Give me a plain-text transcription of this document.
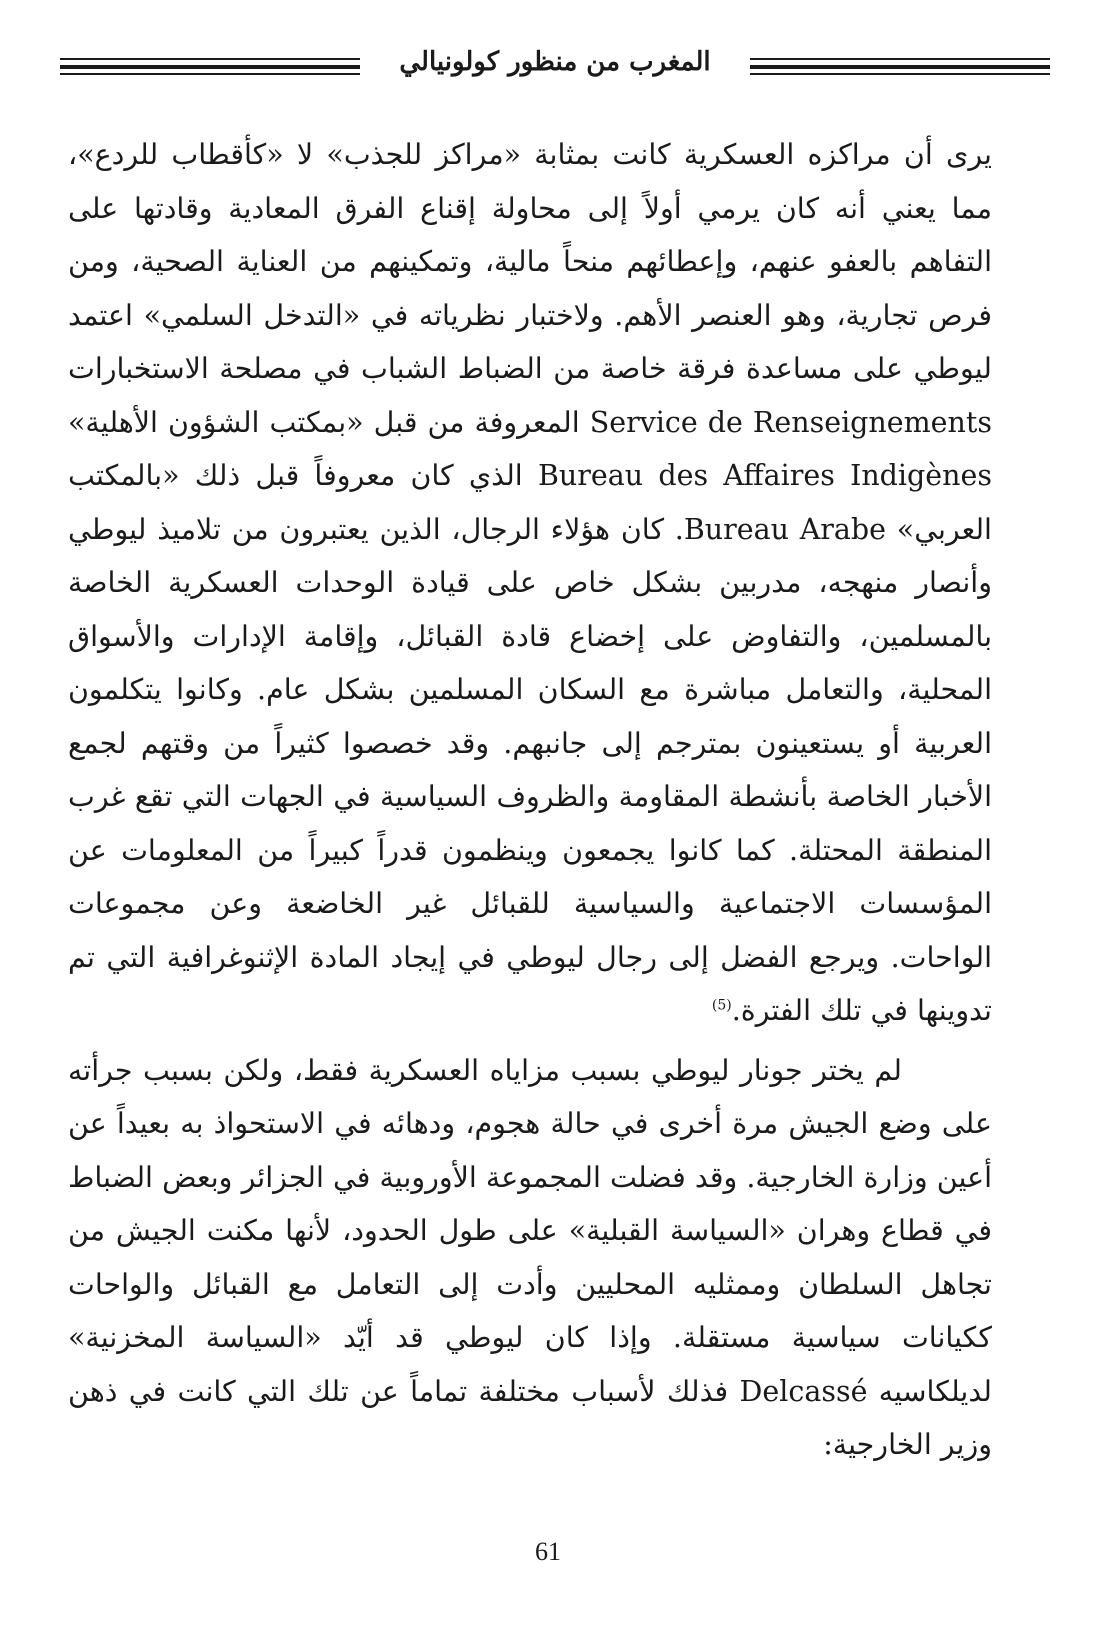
المغرب من منظور كولونيالي

يرى أن مراكزه العسكرية كانت بمثابة «مراكز للجذب» لا «كأقطاب للردع»، مما يعني أنه كان يرمي أولاً إلى محاولة إقناع الفرق المعادية وقادتها على التفاهم بالعفو عنهم، وإعطائهم منحاً مالية، وتمكينهم من العناية الصحية، ومن فرص تجارية، وهو العنصر الأهم. ولاختبار نظرياته في «التدخل السلمي» اعتمد ليوطي على مساعدة فرقة خاصة من الضباط الشباب في مصلحة الاستخبارات Service de Renseignements المعروفة من قبل «بمكتب الشؤون الأهلية» Bureau des Affaires Indigènes الذي كان معروفاً قبل ذلك «بالمكتب العربي» Bureau Arabe. كان هؤلاء الرجال، الذين يعتبرون من تلاميذ ليوطي وأنصار منهجه، مدربين بشكل خاص على قيادة الوحدات العسكرية الخاصة بالمسلمين، والتفاوض على إخضاع قادة القبائل، وإقامة الإدارات والأسواق المحلية، والتعامل مباشرة مع السكان المسلمين بشكل عام. وكانوا يتكلمون العربية أو يستعينون بمترجم إلى جانبهم. وقد خصصوا كثيراً من وقتهم لجمع الأخبار الخاصة بأنشطة المقاومة والظروف السياسية في الجهات التي تقع غرب المنطقة المحتلة. كما كانوا يجمعون وينظمون قدراً كبيراً من المعلومات عن المؤسسات الاجتماعية والسياسية للقبائل غير الخاضعة وعن مجموعات الواحات. ويرجع الفضل إلى رجال ليوطي في إيجاد المادة الإثنوغرافية التي تم تدوينها في تلك الفترة.$^{(5)}$

لم يختر جونار ليوطي بسبب مزاياه العسكرية فقط، ولكن بسبب جرأته على وضع الجيش مرة أخرى في حالة هجوم، ودهائه في الاستحواذ به بعيداً عن أعين وزارة الخارجية. وقد فضلت المجموعة الأوروبية في الجزائر وبعض الضباط في قطاع وهران «السياسة القبلية» على طول الحدود، لأنها مكنت الجيش من تجاهل السلطان وممثليه المحليين وأدت إلى التعامل مع القبائل والواحات ككيانات سياسية مستقلة. وإذا كان ليوطي قد أيّد «السياسة المخزنية» لديلكاسيه Delcassé فذلك لأسباب مختلفة تماماً عن تلك التي كانت في ذهن وزير الخارجية:

61
